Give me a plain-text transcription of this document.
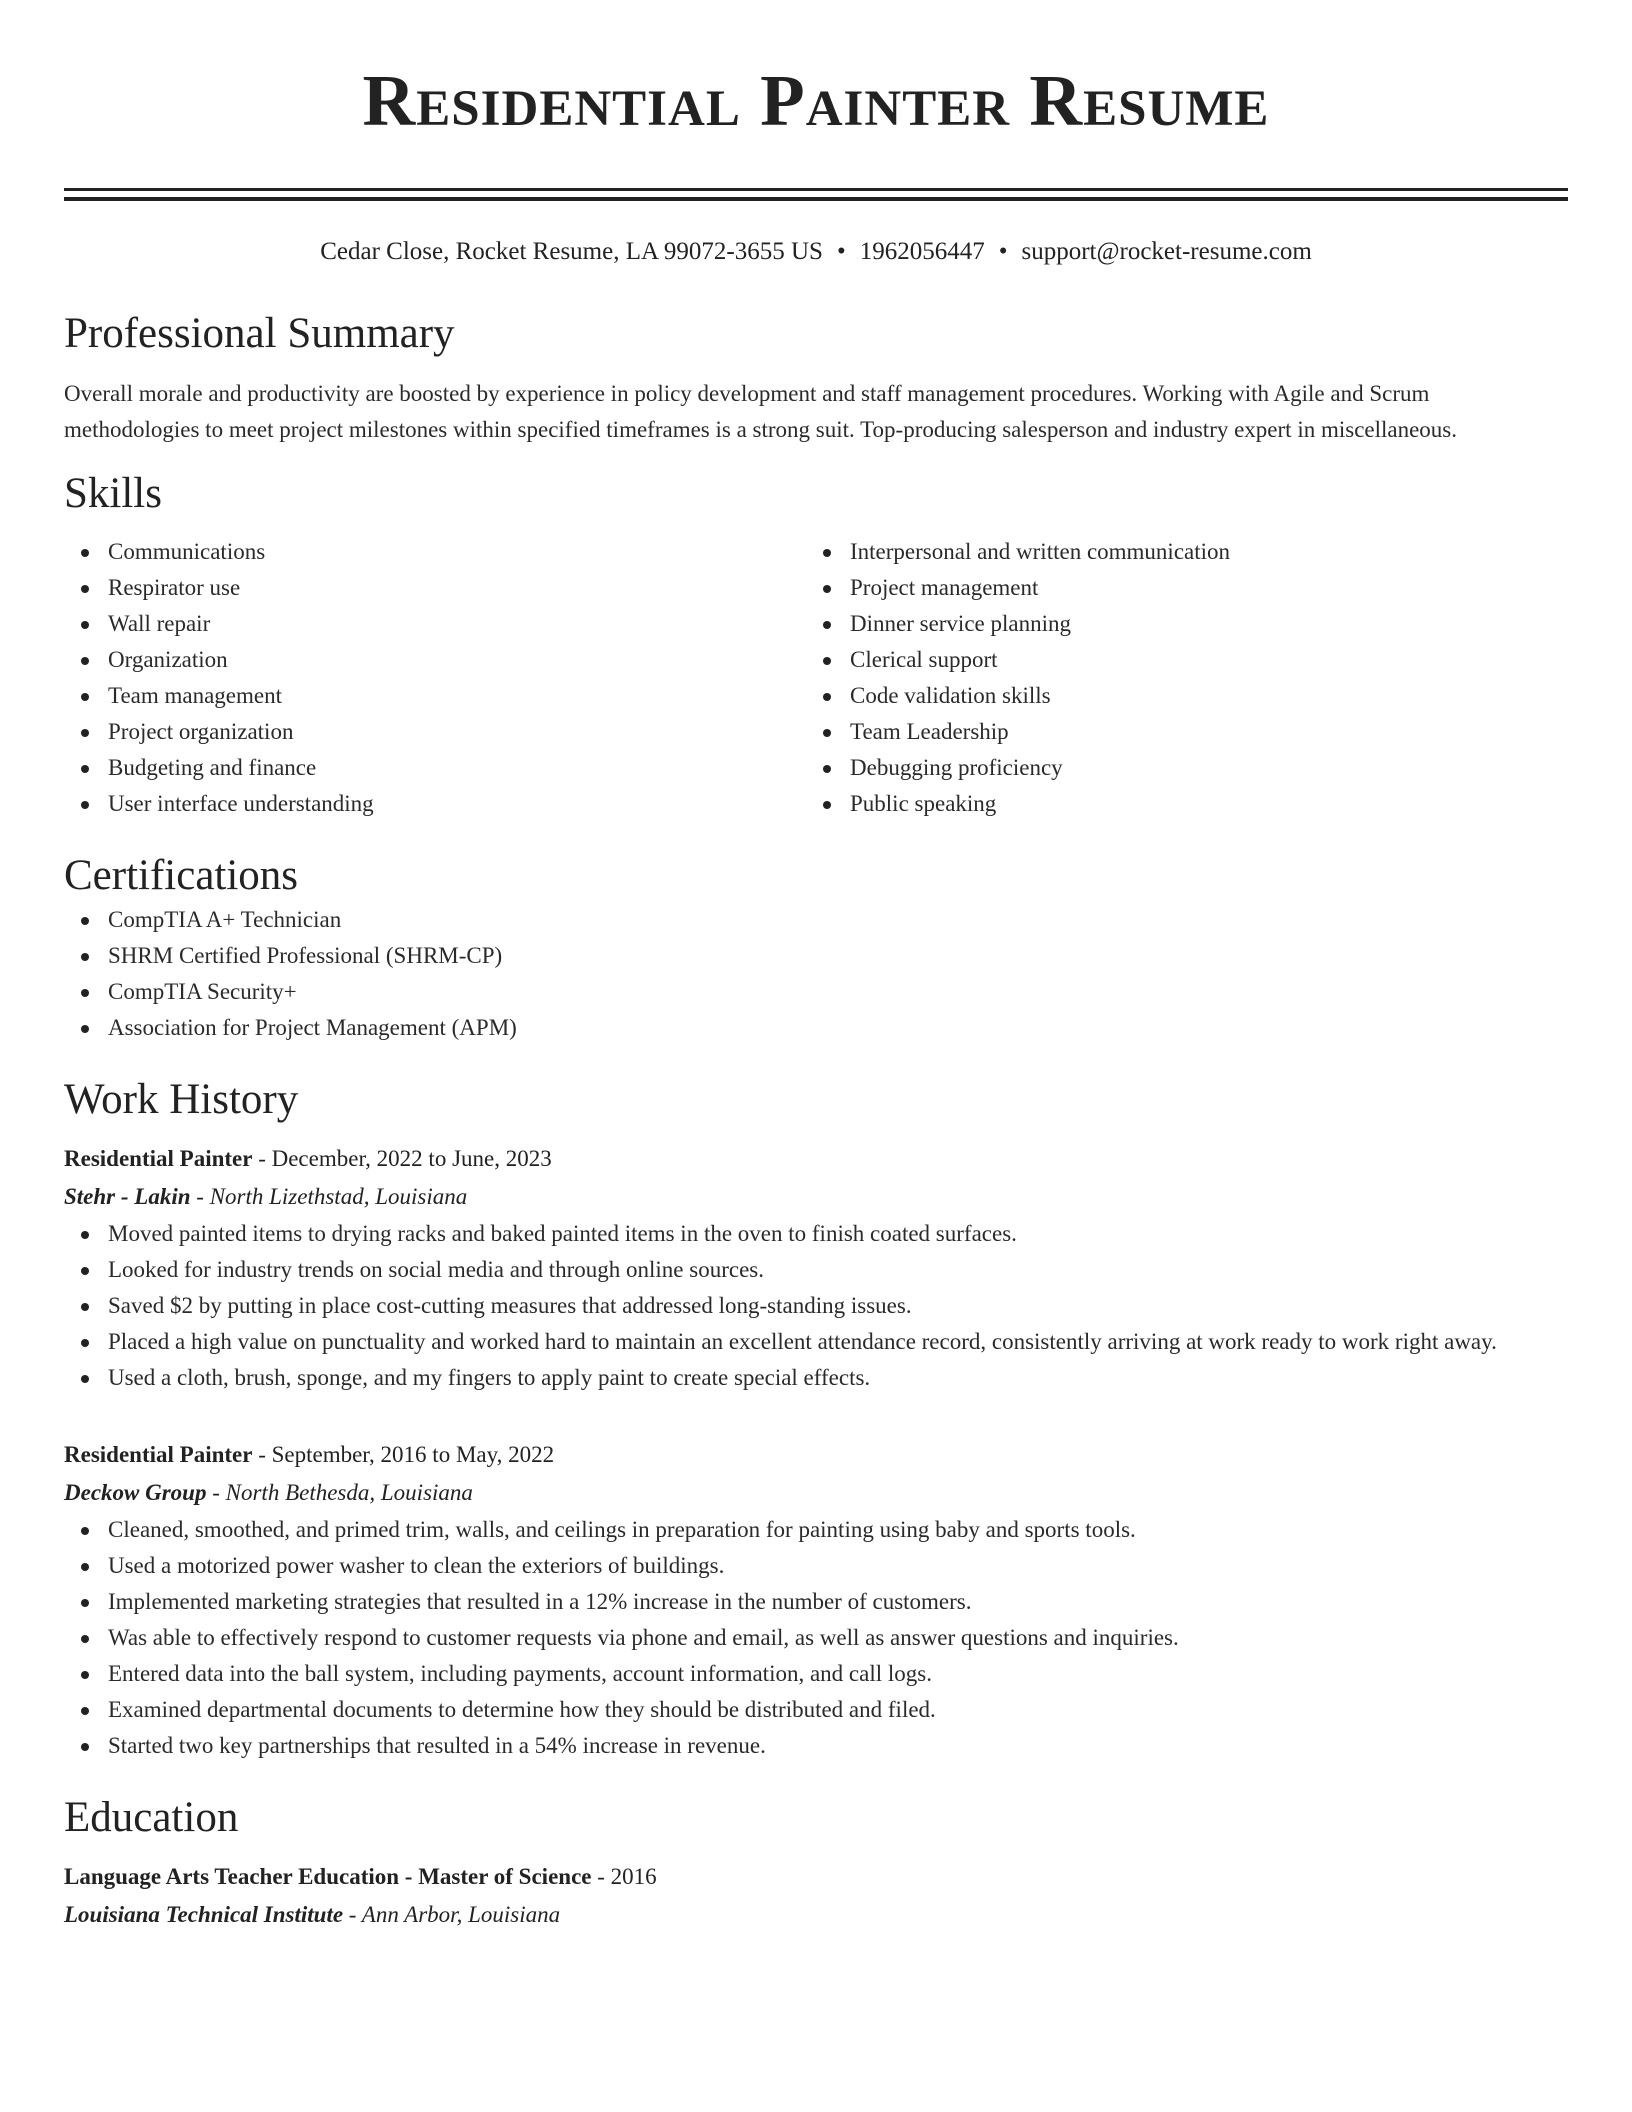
Residential Painter Resume
Cedar Close, Rocket Resume, LA 99072-3655 US • 1962056447 • support@rocket-resume.com
Professional Summary

Overall morale and productivity are boosted by experience in policy development and staff management procedures. Working with Agile and Scrum methodologies to meet project milestones within specified timeframes is a strong suit. Top-producing salesperson and industry expert in miscellaneous.

Skills
Communications
Respirator use
Wall repair
Organization
Team management
Project organization
Budgeting and finance
User interface understanding
Interpersonal and written communication
Project management
Dinner service planning
Clerical support
Code validation skills
Team Leadership
Debugging proficiency
Public speaking
Certifications
CompTIA A+ Technician
SHRM Certified Professional (SHRM-CP)
CompTIA Security+
Association for Project Management (APM)
Work History
Residential Painter - December, 2022 to June, 2023
Stehr - Lakin - North Lizethstad, Louisiana
Moved painted items to drying racks and baked painted items in the oven to finish coated surfaces.
Looked for industry trends on social media and through online sources.
Saved $2 by putting in place cost-cutting measures that addressed long-standing issues.
Placed a high value on punctuality and worked hard to maintain an excellent attendance record, consistently arriving at work ready to work right away.
Used a cloth, brush, sponge, and my fingers to apply paint to create special effects.
Residential Painter - September, 2016 to May, 2022
Deckow Group - North Bethesda, Louisiana
Cleaned, smoothed, and primed trim, walls, and ceilings in preparation for painting using baby and sports tools.
Used a motorized power washer to clean the exteriors of buildings.
Implemented marketing strategies that resulted in a 12% increase in the number of customers.
Was able to effectively respond to customer requests via phone and email, as well as answer questions and inquiries.
Entered data into the ball system, including payments, account information, and call logs.
Examined departmental documents to determine how they should be distributed and filed.
Started two key partnerships that resulted in a 54% increase in revenue.
Education
Language Arts Teacher Education - Master of Science - 2016
Louisiana Technical Institute - Ann Arbor, Louisiana
